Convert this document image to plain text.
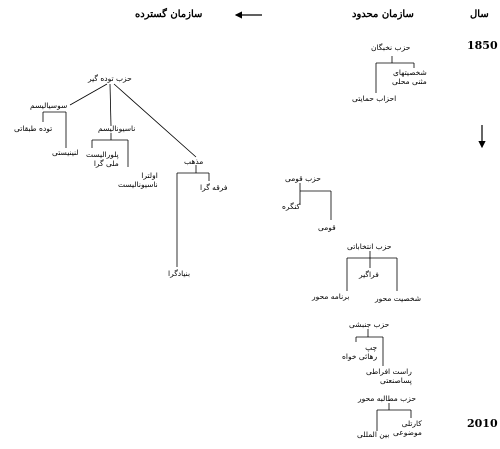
سال
سازمان محدود
سازمان گسترده
1850
2010
حزب نخبگان
شخصیتهای
مثنی محلی
احزاب حمایتی
حزب قومی
کنگره
قومی
حزب انتخاباتی
فراگیر
برنامه محور	شخصیت محور
حزب جنبشی
چپ
رهائی خواه
راست افراطی
پساصنعتی
حزب مطالبه محور
کارتلی
موضوعی
بین المللی
حزب توده گیر
سوسیالیسم
توده طبقاتی
لنینیستی
ناسیونالیسم
پلورالیست
ملی گرا
اولترا
ناسیونالیست
مذهب
فرقه گرا
بنیادگرا
